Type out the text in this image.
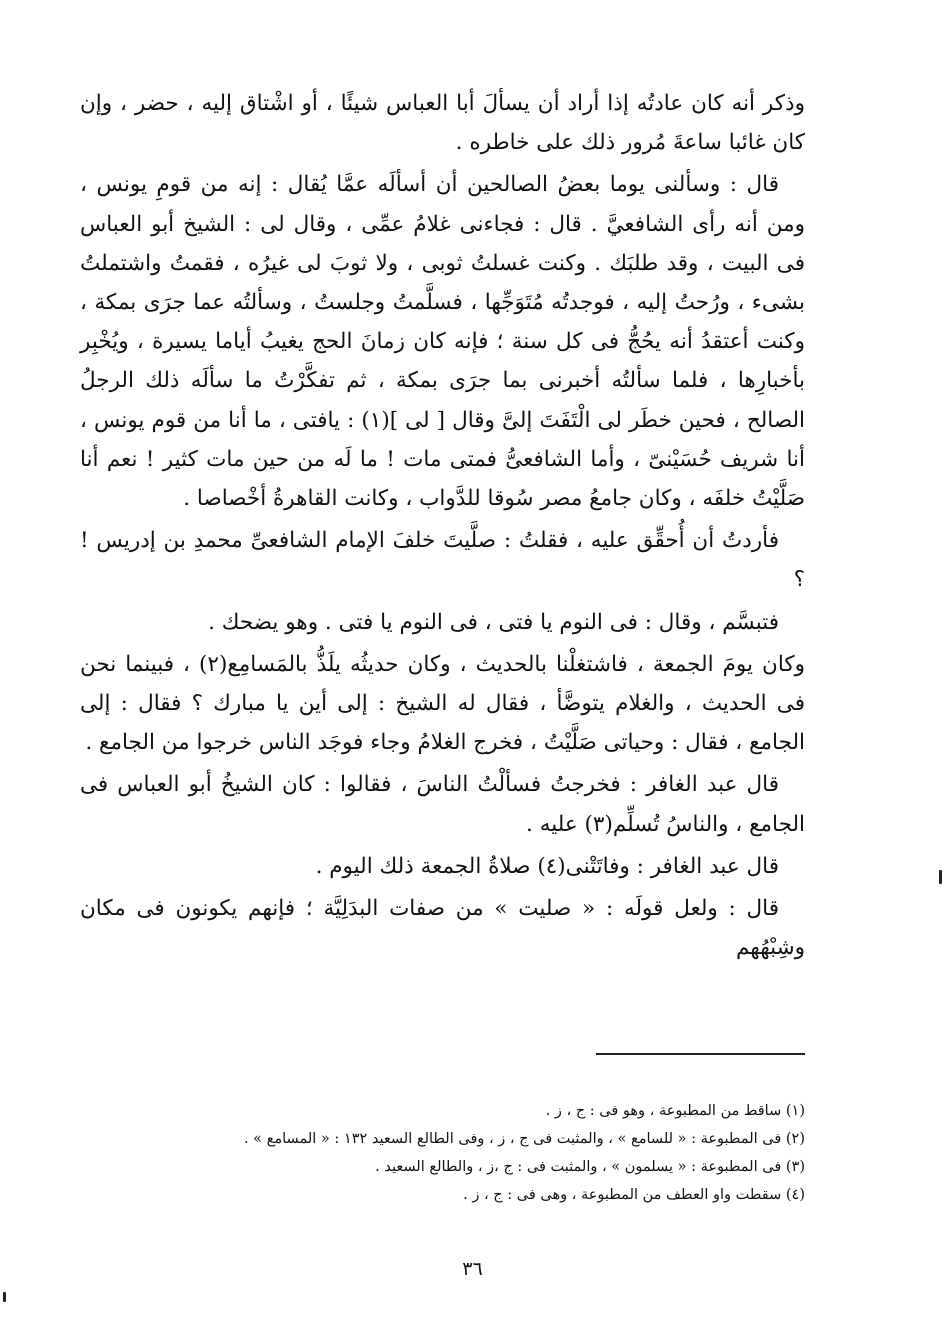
وذكر أنه كان عادتُه إذا أراد أن يسألَ أبا العباس شيئًا ، أو اشْتاق إليه ، حضر ، وإن كان غائبا ساعةَ مُرور ذلك على خاطره .

قال : وسألنى يوما بعضُ الصالحين أن أسألَه عمَّا يُقال : إنه من قومِ يونس ، ومن أنه رأى الشافعيَّ . قال : فجاءنى غلامُ عمِّى ، وقال لى : الشيخ أبو العباس فى البيت ، وقد طلبَك . وكنت غسلتُ ثوبى ، ولا ثوبَ لى غيرُه ، فقمتُ واشتملتُ بشىء ، ورُحتُ إليه ، فوجدتُه مُتَوَجِّها ، فسلَّمتُ وجلستُ ، وسألتُه عما جرَى بمكة ، وكنت أعتقدُ أنه يحُجُّ فى كل سنة ؛ فإنه كان زمانَ الحج يغيبُ أياما يسيرة ، ويُخْبِر بأخبارِها ، فلما سألتُه أخبرنى بما جرَى بمكة ، ثم تفكَّرْتُ ما سألَه ذلك الرجلُ الصالح ، فحين خطَر لى الْتَفَتَ إلىَّ وقال [ لى ](١) : يافتى ، ما أنا من قوم يونس ، أنا شريف حُسَيْنىّ ، وأما الشافعىُّ فمتى مات ! ما لَه من حين مات كثير ! نعم أنا صَلَّيْتُ خلفَه ، وكان جامعُ مصر سُوقا للدَّواب ، وكانت القاهرةُ أخْصاصا .

فأردتُ أن أُحقِّق عليه ، فقلتُ : صلَّيتَ خلفَ الإمام الشافعىِّ محمدِ بن إدريس ! ؟

فتبسَّم ، وقال : فى النوم يا فتى ، فى النوم يا فتى . وهو يضحك .

وكان يومَ الجمعة ، فاشتغلْنا بالحديث ، وكان حديثُه يلَذُّ بالمَسامِع(٢) ، فبينما نحن فى الحديث ، والغلام يتوضَّأ ، فقال له الشيخ : إلى أين يا مبارك ؟ فقال : إلى الجامع ، فقال : وحياتى صَلَّيْتُ ، فخرج الغلامُ وجاء فوجَد الناس خرجوا من الجامع .

قال عبد الغافر : فخرجتُ فسألْتُ الناسَ ، فقالوا : كان الشيخُ أبو العباس فى الجامع ، والناسُ تُسلِّم(٣) عليه .

قال عبد الغافر : وفاتَتْنى(٤) صلاةُ الجمعة ذلك اليوم .

قال : ولعل قولَه : « صليت » من صفات البدَلِيَّة ؛ فإنهم يكونون فى مكان وشِبْهُهم

(١) ساقط من المطبوعة ، وهو فى : ج ، ز .

(٢) فى المطبوعة : « للسامع » ، والمثبت فى ج ، ز ، وفى الطالع السعيد ١٣٢ : « المسامع » .

(٣) فى المطبوعة : « يسلمون » ، والمثبت فى : ج ،ز ، والطالع السعيد .

(٤) سقطت واو العطف من المطبوعة ، وهى فى : ج ، ز .

٣٦
